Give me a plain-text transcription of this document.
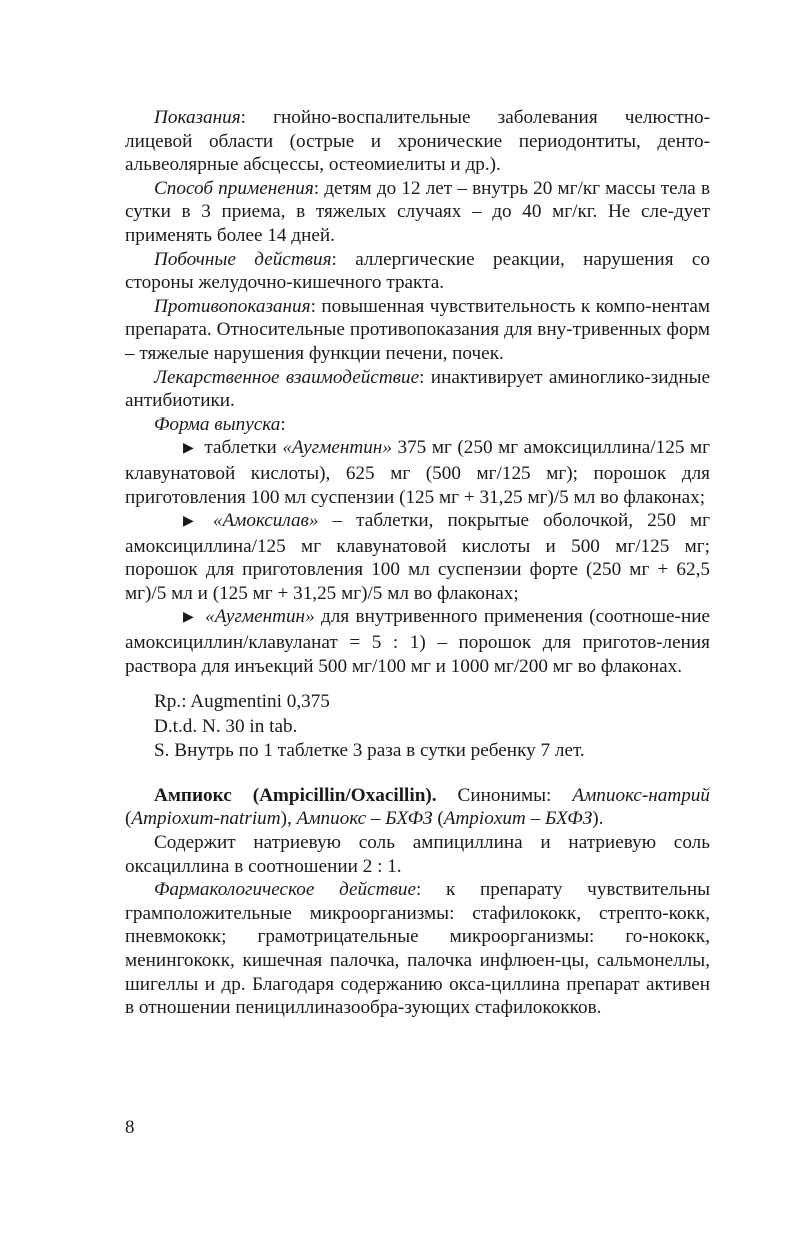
Показания: гнойно-воспалительные заболевания челюстно-лицевой области (острые и хронические периодонтиты, денто-альвеолярные абсцессы, остеомиелиты и др.).

Способ применения: детям до 12 лет – внутрь 20 мг/кг массы тела в сутки в 3 приема, в тяжелых случаях – до 40 мг/кг. Не сле-дует применять более 14 дней.

Побочные действия: аллергические реакции, нарушения со стороны желудочно-кишечного тракта.

Противопоказания: повышенная чувствительность к компо-нентам препарата. Относительные противопоказания для вну-тривенных форм – тяжелые нарушения функции печени, почек.

Лекарственное взаимодействие: инактивирует аминоглико-зидные антибиотики.

Форма выпуска:

▶ таблетки «Аугментин» 375 мг (250 мг амоксициллина/125 мг клавунатовой кислоты), 625 мг (500 мг/125 мг); порошок для приготовления 100 мл суспензии (125 мг + 31,25 мг)/5 мл во флаконах;

▶ «Амоксилав» – таблетки, покрытые оболочкой, 250 мг амоксициллина/125 мг клавунатовой кислоты и 500 мг/125 мг; порошок для приготовления 100 мл суспензии форте (250 мг + 62,5 мг)/5 мл и (125 мг + 31,25 мг)/5 мл во флаконах;

▶ «Аугментин» для внутривенного применения (соотноше-ние амоксициллин/клавуланат = 5 : 1) – порошок для приготов-ления раствора для инъекций 500 мг/100 мг и 1000 мг/200 мг во флаконах.

Rp.: Augmentini 0,375
D.t.d. N. 30 in tab.
S. Внутрь по 1 таблетке 3 раза в сутки ребенку 7 лет.

Ампиокс (Ampicillin/Oxacillin). Синонимы: Ампиокс-натрий (Ampioxum-natrium), Ампиокс – БХФЗ (Ampioxum – БХФЗ).

Содержит натриевую соль ампициллина и натриевую соль оксациллина в соотношении 2 : 1.

Фармакологическое действие: к препарату чувствительны грамположительные микроорганизмы: стафилококк, стрепто-кокк, пневмококк; грамотрицательные микроорганизмы: го-нококк, менингококк, кишечная палочка, палочка инфлюен-цы, сальмонеллы, шигеллы и др. Благодаря содержанию окса-циллина препарат активен в отношении пенициллиназообра-зующих стафилококков.

8
